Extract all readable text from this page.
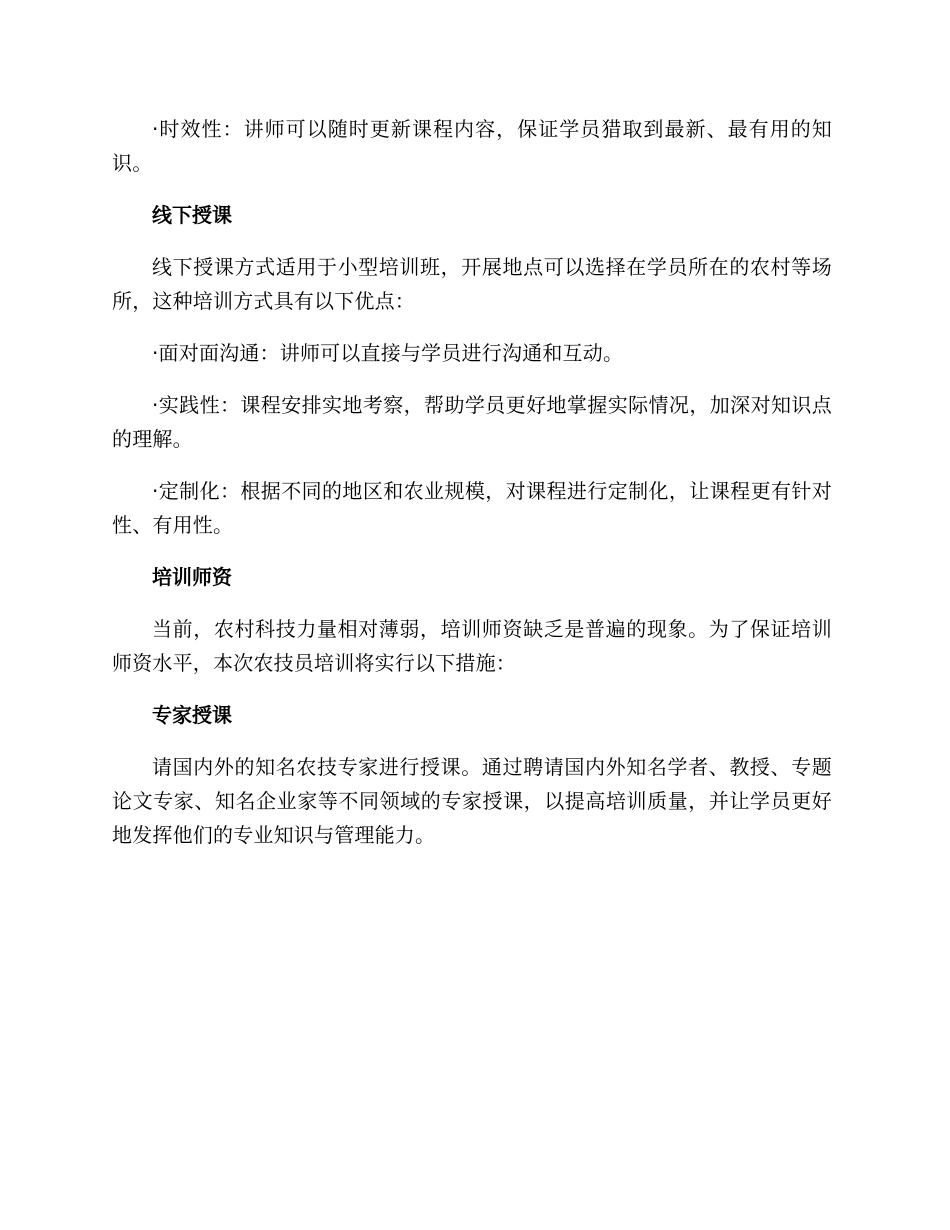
·时效性：讲师可以随时更新课程内容，保证学员猎取到最新、最有用的知识。

线下授课

线下授课方式适用于小型培训班，开展地点可以选择在学员所在的农村等场所，这种培训方式具有以下优点：

·面对面沟通：讲师可以直接与学员进行沟通和互动。

·实践性：课程安排实地考察，帮助学员更好地掌握实际情况，加深对知识点的理解。

·定制化：根据不同的地区和农业规模，对课程进行定制化，让课程更有针对性、有用性。

培训师资

当前，农村科技力量相对薄弱，培训师资缺乏是普遍的现象。为了保证培训师资水平，本次农技员培训将实行以下措施：

专家授课

请国内外的知名农技专家进行授课。通过聘请国内外知名学者、教授、专题论文专家、知名企业家等不同领域的专家授课，以提高培训质量，并让学员更好地发挥他们的专业知识与管理能力。
